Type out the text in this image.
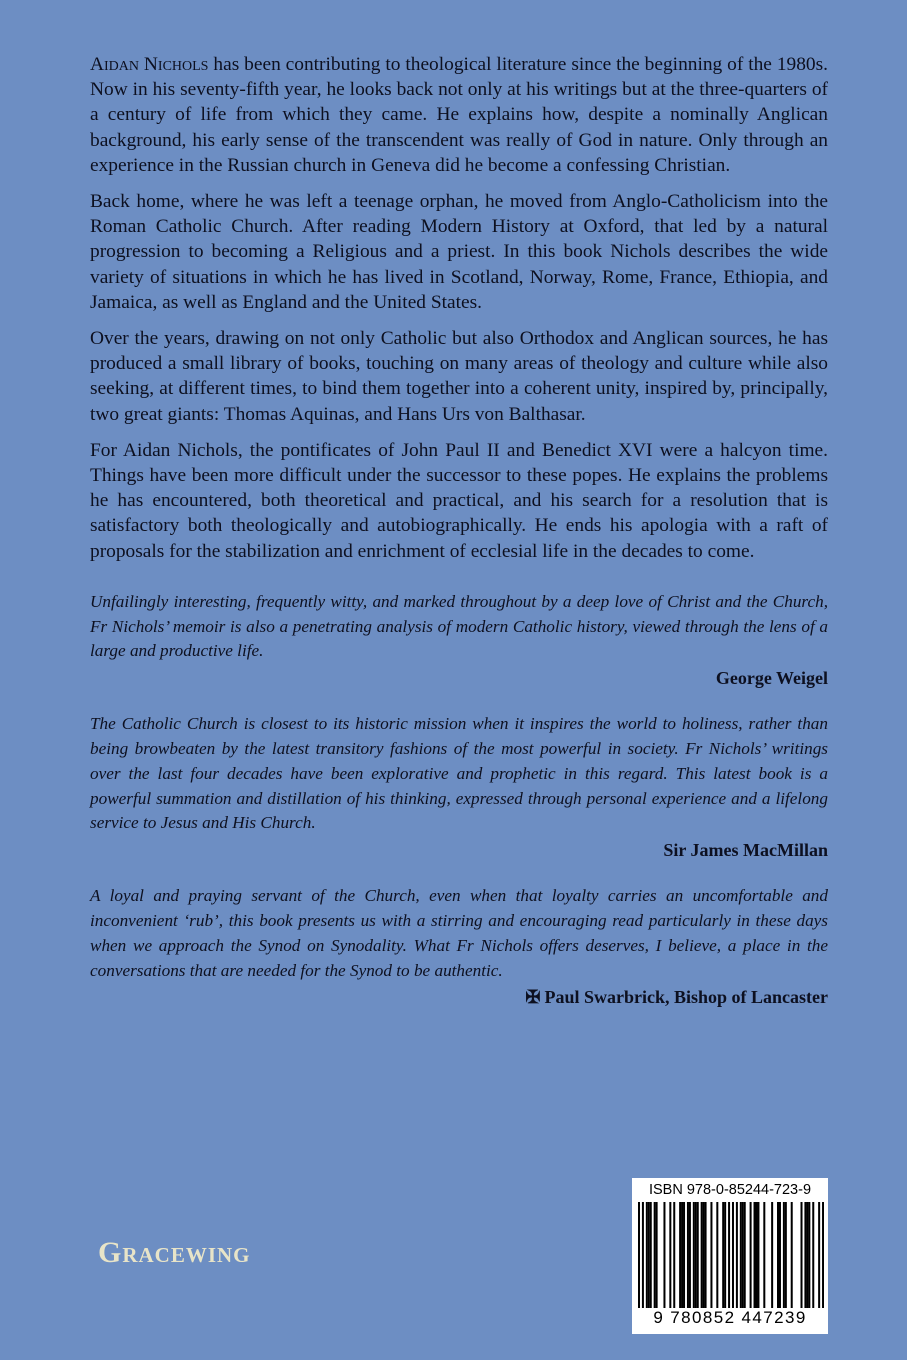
Aidan Nichols has been contributing to theological literature since the beginning of the 1980s. Now in his seventy-fifth year, he looks back not only at his writings but at the three-quarters of a century of life from which they came. He explains how, despite a nominally Anglican background, his early sense of the transcendent was really of God in nature. Only through an experience in the Russian church in Geneva did he become a confessing Christian.

Back home, where he was left a teenage orphan, he moved from Anglo-Catholicism into the Roman Catholic Church. After reading Modern History at Oxford, that led by a natural progression to becoming a Religious and a priest. In this book Nichols describes the wide variety of situations in which he has lived in Scotland, Norway, Rome, France, Ethiopia, and Jamaica, as well as England and the United States.

Over the years, drawing on not only Catholic but also Orthodox and Anglican sources, he has produced a small library of books, touching on many areas of theology and culture while also seeking, at different times, to bind them together into a coherent unity, inspired by, principally, two great giants: Thomas Aquinas, and Hans Urs von Balthasar.

For Aidan Nichols, the pontificates of John Paul II and Benedict XVI were a halcyon time. Things have been more difficult under the successor to these popes. He explains the problems he has encountered, both theoretical and practical, and his search for a resolution that is satisfactory both theologically and autobiographically. He ends his apologia with a raft of proposals for the stabilization and enrichment of ecclesial life in the decades to come.

Unfailingly interesting, frequently witty, and marked throughout by a deep love of Christ and the Church, Fr Nichols’ memoir is also a penetrating analysis of modern Catholic history, viewed through the lens of a large and productive life.

George Weigel

The Catholic Church is closest to its historic mission when it inspires the world to holiness, rather than being browbeaten by the latest transitory fashions of the most powerful in society. Fr Nichols’ writings over the last four decades have been explorative and prophetic in this regard. This latest book is a powerful summation and distillation of his thinking, expressed through personal experience and a lifelong service to Jesus and His Church.

Sir James MacMillan

A loyal and praying servant of the Church, even when that loyalty carries an uncomfortable and inconvenient ‘rub’, this book presents us with a stirring and encouraging read particularly in these days when we approach the Synod on Synodality. What Fr Nichols offers deserves, I believe, a place in the conversations that are needed for the Synod to be authentic.

✠ Paul Swarbrick, Bishop of Lancaster

Gracewing
ISBN 978-0-85244-723-9
9 780852 447239
